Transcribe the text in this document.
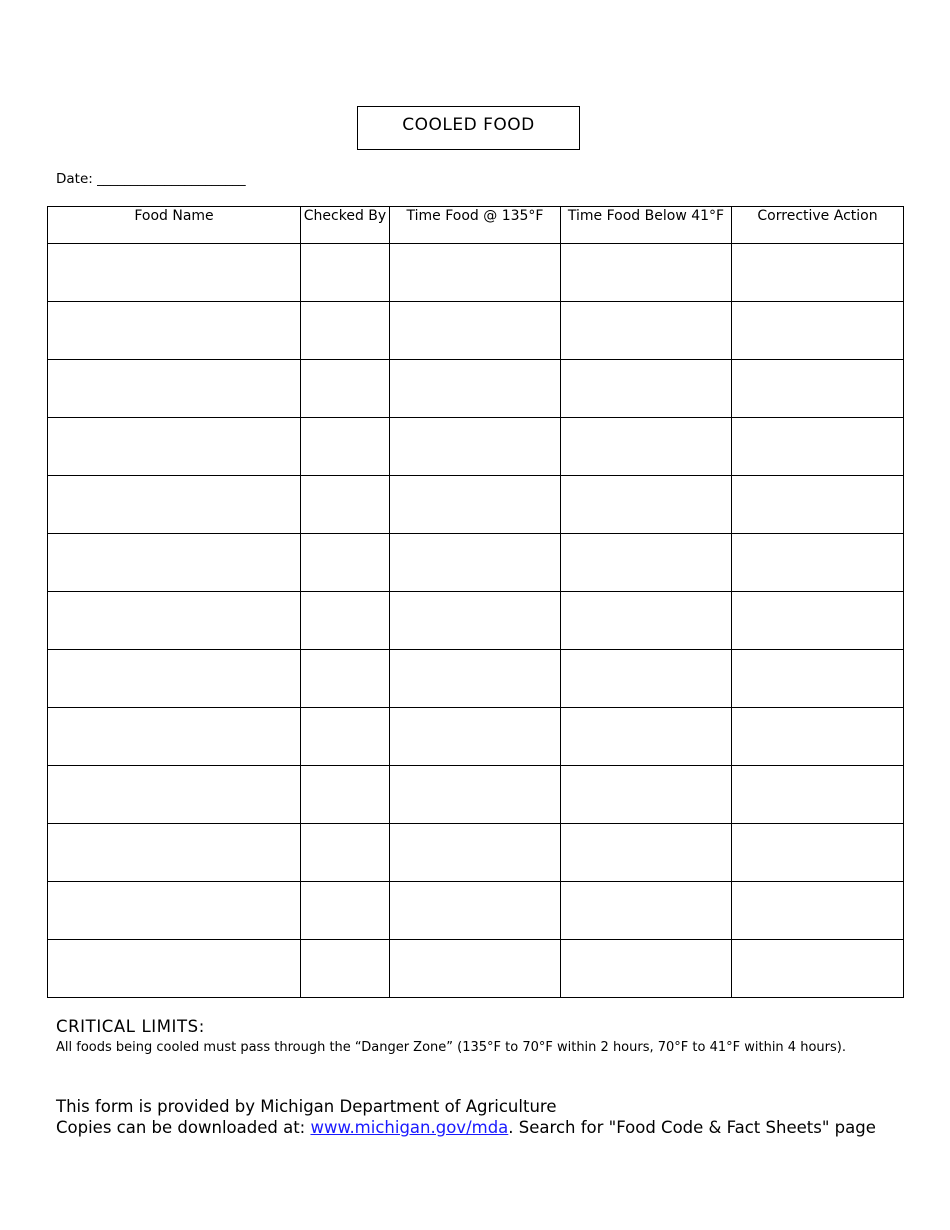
COOLED FOOD
Date: ______________________
Food Name	Checked By	Time Food @ 135°F	Time Food Below 41°F	Corrective Action

CRITICAL LIMITS:
All foods being cooled must pass through the “Danger Zone” (135°F to 70°F within 2 hours, 70°F to 41°F within 4 hours).
This form is provided by Michigan Department of Agriculture
Copies can be downloaded at: www.michigan.gov/mda. Search for "Food Code & Fact Sheets" page
